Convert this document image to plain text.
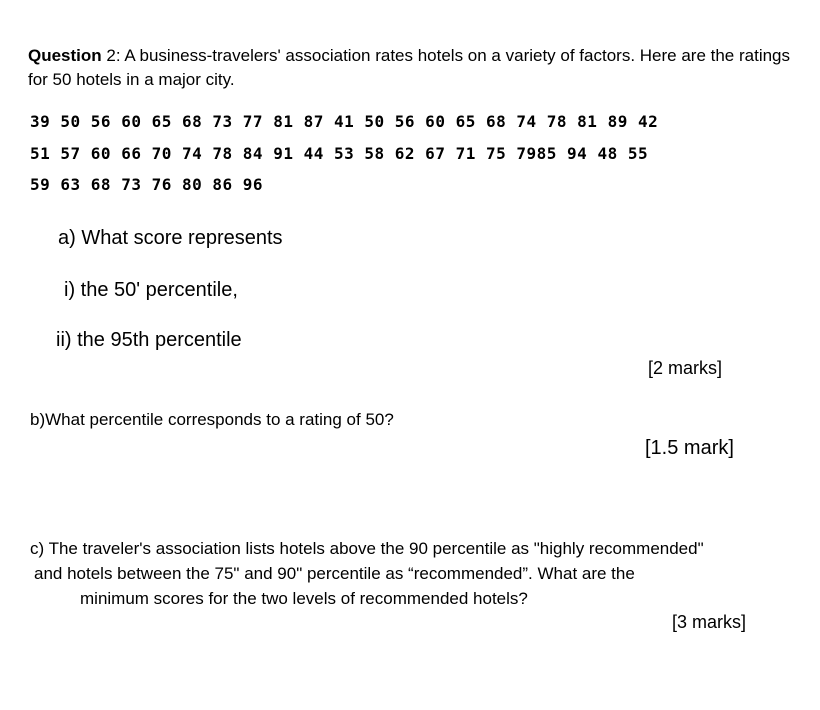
Question 2: A business-travelers' association rates hotels on a variety of factors. Here are the ratings for 50 hotels in a major city.
39 50 56 60 65 68 73 77 81 87 41 50 56 60 65 68 74 78 81 89 42
51 57 60 66 70 74 78 84 91 44 53 58 62 67 71 75 7985 94 48 55
59 63 68 73 76 80 86 96
a) What score represents
i) the 50' percentile,
ii) the 95th percentile
[2 marks]
b)What percentile corresponds to a rating of 50?
[1.5 mark]
c) The traveler's association lists hotels above the 90 percentile as "highly recommended"
and hotels between the 75" and 90" percentile as “recommended”. What are the
minimum scores for the two levels of recommended hotels?
[3 marks]
